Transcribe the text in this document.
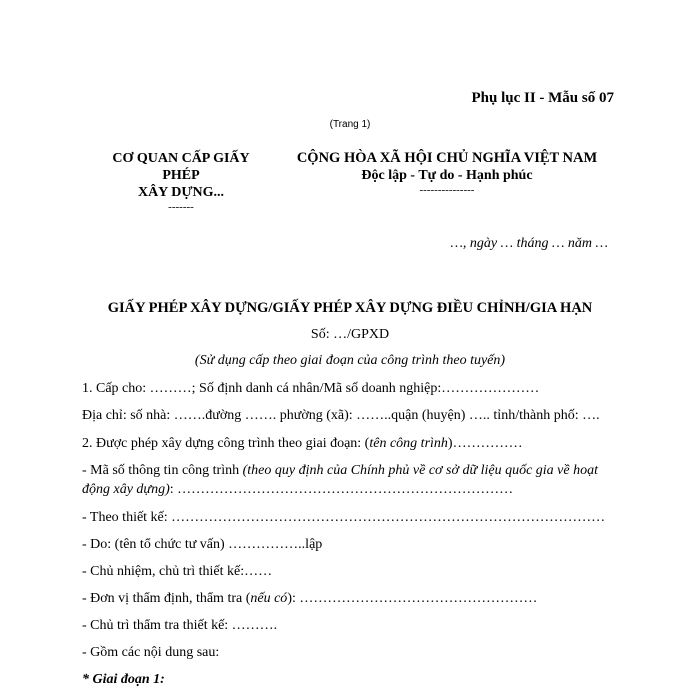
Phụ lục II - Mẫu số 07
(Trang 1)
CƠ QUAN CẤP GIẤY PHÉP
XÂY DỰNG...
-------
CỘNG HÒA XÃ HỘI CHỦ NGHĨA VIỆT NAM
Độc lập - Tự do - Hạnh phúc
---------------
…, ngày … tháng … năm …
GIẤY PHÉP XÂY DỰNG/GIẤY PHÉP XÂY DỰNG ĐIỀU CHỈNH/GIA HẠN
Số: …/GPXD
(Sử dụng cấp theo giai đoạn của công trình theo tuyến)
1. Cấp cho: ………; Số định danh cá nhân/Mã số doanh nghiệp:…………………
Địa chỉ: số nhà: …….đường ……. phường (xã): ……..quận (huyện) ….. tỉnh/thành phố: ….
2. Được phép xây dựng công trình theo giai đoạn: (tên công trình)……………
- Mã số thông tin công trình (theo quy định của Chính phủ về cơ sở dữ liệu quốc gia về hoạt động xây dựng): ………………………………………………………………
- Theo thiết kế: …………………………………………………………………………………
- Do: (tên tổ chức tư vấn) ……………..lập
- Chủ nhiệm, chủ trì thiết kế:……
- Đơn vị thẩm định, thẩm tra (nếu có): ……………………………………………
- Chủ trì thẩm tra thiết kế: ……….
- Gồm các nội dung sau:
* Giai đoạn 1:
